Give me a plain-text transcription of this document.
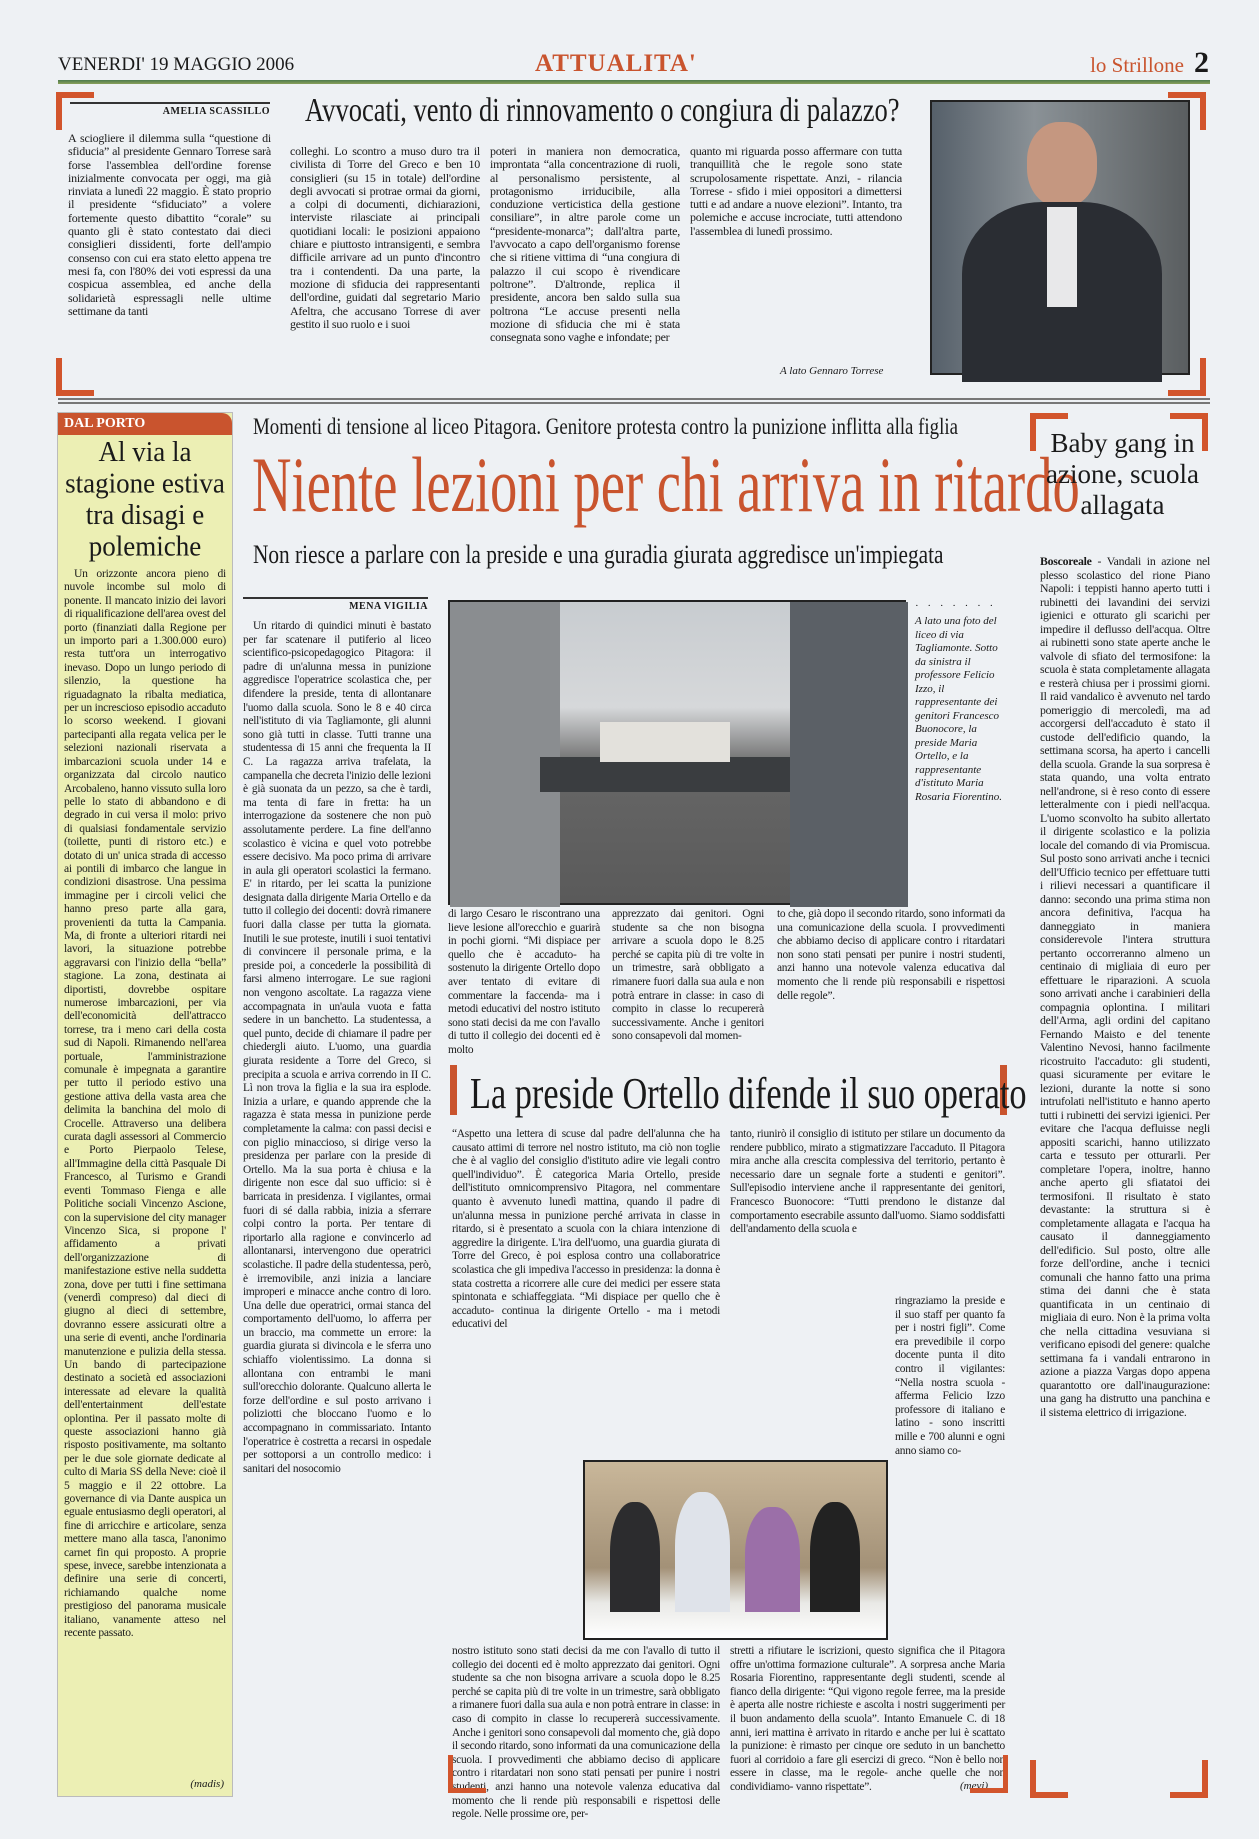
VENERDI' 19 MAGGIO 2006	ATTUALITA'	lo Strillone 2
AMELIA SCASSILLO Avvocati, vento di rinnovamento o congiura di palazzo?
A sciogliere il dilemma sulla “questione di sfiducia” al presidente Gennaro Torrese sarà forse l'assemblea dell'ordine forense inizialmente convocata per oggi, ma già rinviata a lunedì 22 maggio. È stato proprio il presidente “sfiduciato” a volere fortemente questo dibattito “corale” su quanto gli è stato contestato dai dieci consiglieri dissidenti, forte dell'ampio consenso con cui era stato eletto appena tre mesi fa, con l'80% dei voti espressi da una cospicua assemblea, ed anche della solidarietà espressagli nelle ultime settimane da tanti
colleghi. Lo scontro a muso duro tra il civilista di Torre del Greco e ben 10 consiglieri (su 15 in totale) dell'ordine degli avvocati si protrae ormai da giorni, a colpi di documenti, dichiarazioni, interviste rilasciate ai principali quotidiani locali: le posizioni appaiono chiare e piuttosto intransigenti, e sembra difficile arrivare ad un punto d'incontro tra i contendenti. Da una parte, la mozione di sfiducia dei rappresentanti dell'ordine, guidati dal segretario Mario Afeltra, che accusano Torrese di aver gestito il suo ruolo e i suoi
poteri in maniera non democratica, improntata “alla concentrazione di ruoli, al personalismo persistente, al protagonismo irriducibile, alla conduzione verticistica della gestione consiliare”, in altre parole come un “presidente-monarca”; dall'altra parte, l'avvocato a capo dell'organismo forense che si ritiene vittima di “una congiura di palazzo il cui scopo è rivendicare poltrone”. D'altronde, replica il presidente, ancora ben saldo sulla sua poltrona “Le accuse presenti nella mozione di sfiducia che mi è stata consegnata sono vaghe e infondate; per
quanto mi riguarda posso affermare con tutta tranquillità che le regole sono state scrupolosamente rispettate. Anzi, - rilancia Torrese - sfido i miei oppositori a dimettersi tutti e ad andare a nuove elezioni”. Intanto, tra polemiche e accuse incrociate, tutti attendono l'assemblea di lunedì prossimo.
A lato Gennaro Torrese
DAL PORTO
Al via la stagione estiva tra disagi e polemiche
Un orizzonte ancora pieno di nuvole incombe sul molo di ponente. Il mancato inizio dei lavori di riqualificazione dell'area ovest del porto (finanziati dalla Regione per un importo pari a 1.300.000 euro) resta tutt'ora un interrogativo inevaso. Dopo un lungo periodo di silenzio, la questione ha riguadagnato la ribalta mediatica, per un increscioso episodio accaduto lo scorso weekend. I giovani partecipanti alla regata velica per le selezioni nazionali riservata a imbarcazioni scuola under 14 e organizzata dal circolo nautico Arcobaleno, hanno vissuto sulla loro pelle lo stato di abbandono e di degrado in cui versa il molo: privo di qualsiasi fondamentale servizio (toilette, punti di ristoro etc.) e dotato di un' unica strada di accesso ai pontili di imbarco che langue in condizioni disastrose. Una pessima immagine per i circoli velici che hanno preso parte alla gara, provenienti da tutta la Campania. Ma, di fronte a ulteriori ritardi nei lavori, la situazione potrebbe aggravarsi con l'inizio della “bella” stagione. La zona, destinata ai diportisti, dovrebbe ospitare numerose imbarcazioni, per via dell'economicità dell'attracco torrese, tra i meno cari della costa sud di Napoli. Rimanendo nell'area portuale, l'amministrazione comunale è impegnata a garantire per tutto il periodo estivo una gestione attiva della vasta area che delimita la banchina del molo di Crocelle. Attraverso una delibera curata dagli assessori al Commercio e Porto Pierpaolo Telese, all'Immagine della città Pasquale Di Francesco, al Turismo e Grandi eventi Tommaso Fienga e alle Politiche sociali Vincenzo Ascione, con la supervisione del city manager Vincenzo Sica, si propone l' affidamento a privati dell'organizzazione di manifestazione estive nella suddetta zona, dove per tutti i fine settimana (venerdì compreso) dal dieci di giugno al dieci di settembre, dovranno essere assicurati oltre a una serie di eventi, anche l'ordinaria manutenzione e pulizia della stessa. Un bando di partecipazione destinato a società ed associazioni interessate ad elevare la qualità dell'entertainment dell'estate oplontina. Per il passato molte di queste associazioni hanno già risposto positivamente, ma soltanto per le due sole giornate dedicate al culto di Maria SS della Neve: cioè il 5 maggio e il 22 ottobre. La governance di via Dante auspica un eguale entusiasmo degli operatori, al fine di arricchire e articolare, senza mettere mano alla tasca, l'anonimo carnet fin qui proposto. A proprie spese, invece, sarebbe intenzionata a definire una serie di concerti, richiamando qualche nome prestigioso del panorama musicale italiano, vanamente atteso nel recente passato.
(madis)
Momenti di tensione al liceo Pitagora. Genitore protesta contro la punizione inflitta alla figlia
Niente lezioni per chi arriva in ritardo
Non riesce a parlare con la preside e una guradia giurata aggredisce un'impiegata
MENA VIGILIA
Un ritardo di quindici minuti è bastato per far scatenare il putiferio al liceo scientifico-psicopedagogico Pitagora: il padre di un'alunna messa in punizione aggredisce l'operatrice scolastica che, per difendere la preside, tenta di allontanare l'uomo dalla scuola. Sono le 8 e 40 circa nell'istituto di via Tagliamonte, gli alunni sono già tutti in classe. Tutti tranne una studentessa di 15 anni che frequenta la II C. La ragazza arriva trafelata, la campanella che decreta l'inizio delle lezioni è già suonata da un pezzo, sa che è tardi, ma tenta di fare in fretta: ha un interrogazione da sostenere che non può assolutamente perdere. La fine dell'anno scolastico è vicina e quel voto potrebbe essere decisivo. Ma poco prima di arrivare in aula gli operatori scolastici la fermano. E' in ritardo, per lei scatta la punizione designata dalla dirigente Maria Ortello e da tutto il collegio dei docenti: dovrà rimanere fuori dalla classe per tutta la giornata. Inutili le sue proteste, inutili i suoi tentativi di convincere il personale prima, e la preside poi, a concederle la possibilità di farsi almeno interrogare. Le sue ragioni non vengono ascoltate. La ragazza viene accompagnata in un'aula vuota e fatta sedere in un banchetto. La studentessa, a quel punto, decide di chiamare il padre per chiedergli aiuto. L'uomo, una guardia giurata residente a Torre del Greco, si precipita a scuola e arriva correndo in II C. Lì non trova la figlia e la sua ira esplode. Inizia a urlare, e quando apprende che la ragazza è stata messa in punizione perde completamente la calma: con passi decisi e con piglio minaccioso, si dirige verso la presidenza per parlare con la preside di Ortello. Ma la sua porta è chiusa e la dirigente non esce dal suo ufficio: si è barricata in presidenza. I vigilantes, ormai fuori di sé dalla rabbia, inizia a sferrare colpi contro la porta. Per tentare di riportarlo alla ragione e convincerlo ad allontanarsi, intervengono due operatrici scolastiche. Il padre della studentessa, però, è irremovibile, anzi inizia a lanciare improperi e minacce anche contro di loro. Una delle due operatrici, ormai stanca del comportamento dell'uomo, lo afferra per un braccio, ma commette un errore: la guardia giurata si divincola e le sferra uno schiaffo violentissimo. La donna si allontana con entrambi le mani sull'orecchio dolorante. Qualcuno allerta le forze dell'ordine e sul posto arrivano i poliziotti che bloccano l'uomo e lo accompagnano in commissariato. Intanto l'operatrice è costretta a recarsi in ospedale per sottoporsi a un controllo medico: i sanitari del nosocomio
· · · · · · ·
A lato una foto del liceo di via Tagliamonte. Sotto da sinistra il professore Felicio Izzo, il rappresentante dei genitori Francesco Buonocore, la preside Maria Ortello, e la rappresentante d'istituto Maria Rosaria Fiorentino.
di largo Cesaro le riscontrano una lieve lesione all'orecchio e guarirà in pochi giorni. “Mi dispiace per quello che è accaduto- ha sostenuto la dirigente Ortello dopo aver tentato di evitare di commentare la faccenda- ma i metodi educativi del nostro istituto sono stati decisi da me con l'avallo di tutto il collegio dei docenti ed è molto
apprezzato dai genitori. Ogni studente sa che non bisogna arrivare a scuola dopo le 8.25 perché se capita più di tre volte in un trimestre, sarà obbligato a rimanere fuori dalla sua aula e non potrà entrare in classe: in caso di compito in classe lo recupererà successivamente. Anche i genitori sono consapevoli dal momen-
to che, già dopo il secondo ritardo, sono informati da una comunicazione della scuola. I provvedimenti che abbiamo deciso di applicare contro i ritardatari non sono stati pensati per punire i nostri studenti, anzi hanno una notevole valenza educativa dal momento che li rende più responsabili e rispettosi delle regole”.
La preside Ortello difende il suo operato
“Aspetto una lettera di scuse dal padre dell'alunna che ha causato attimi di terrore nel nostro istituto, ma ciò non toglie che è al vaglio del consiglio d'istituto adire vie legali contro quell'individuo”. È categorica Maria Ortello, preside dell'istituto omnicomprensivo Pitagora, nel commentare quanto è avvenuto lunedì mattina, quando il padre di un'alunna messa in punizione perché arrivata in classe in ritardo, si è presentato a scuola con la chiara intenzione di aggredire la dirigente. L'ira dell'uomo, una guardia giurata di Torre del Greco, è poi esplosa contro una collaboratrice scolastica che gli impediva l'accesso in presidenza: la donna è stata costretta a ricorrere alle cure dei medici per essere stata spintonata e schiaffeggiata. “Mi dispiace per quello che è accaduto- continua la dirigente Ortello - ma i metodi educativi del
nostro istituto sono stati decisi da me con l'avallo di tutto il collegio dei docenti ed è molto apprezzato dai genitori. Ogni studente sa che non bisogna arrivare a scuola dopo le 8.25 perché se capita più di tre volte in un trimestre, sarà obbligato a rimanere fuori dalla sua aula e non potrà entrare in classe: in caso di compito in classe lo recupererà successivamente. Anche i genitori sono consapevoli dal momento che, già dopo il secondo ritardo, sono informati da una comunicazione della scuola. I provvedimenti che abbiamo deciso di applicare contro i ritardatari non sono stati pensati per punire i nostri studenti, anzi hanno una notevole valenza educativa dal momento che li rende più responsabili e rispettosi delle regole. Nelle prossime ore, per-
tanto, riunirò il consiglio di istituto per stilare un documento da rendere pubblico, mirato a stigmatizzare l'accaduto. Il Pitagora mira anche alla crescita complessiva del territorio, pertanto è necessario dare un segnale forte a studenti e genitori”. Sull'episodio interviene anche il rappresentante dei genitori, Francesco Buonocore: “Tutti prendono le distanze dal comportamento esecrabile assunto dall'uomo. Siamo soddisfatti dell'andamento della scuola e
ringraziamo la preside e il suo staff per quanto fa per i nostri figli”. Come era prevedibile il corpo docente punta il dito contro il vigilantes: “Nella nostra scuola - afferma Felicio Izzo professore di italiano e latino - sono inscritti mille e 700 alunni e ogni anno siamo co-
stretti a rifiutare le iscrizioni, questo significa che il Pitagora offre un'ottima formazione culturale”. A sorpresa anche Maria Rosaria Fiorentino, rappresentante degli studenti, scende al fianco della dirigente: “Qui vigono regole ferree, ma la preside è aperta alle nostre richieste e ascolta i nostri suggerimenti per il buon andamento della scuola”. Intanto Emanuele C. di 18 anni, ieri mattina è arrivato in ritardo e anche per lui è scattato la punizione: è rimasto per cinque ore seduto in un banchetto fuori al corridoio a fare gli esercizi di greco. “Non è bello non essere in classe, ma le regole- anche quelle che non condividiamo- vanno rispettate”.	(mevi)
Baby gang in azione, scuola allagata
Boscoreale - Vandali in azione nel plesso scolastico del rione Piano Napoli: i teppisti hanno aperto tutti i rubinetti dei lavandini dei servizi igienici e otturato gli scarichi per impedire il deflusso dell'acqua. Oltre ai rubinetti sono state aperte anche le valvole di sfiato del termosifone: la scuola è stata completamente allagata e resterà chiusa per i prossimi giorni. Il raid vandalico è avvenuto nel tardo pomeriggio di mercoledì, ma ad accorgersi dell'accaduto è stato il custode dell'edificio quando, la settimana scorsa, ha aperto i cancelli della scuola. Grande la sua sorpresa è stata quando, una volta entrato nell'androne, si è reso conto di essere letteralmente con i piedi nell'acqua. L'uomo sconvolto ha subito allertato il dirigente scolastico e la polizia locale del comando di via Promiscua. Sul posto sono arrivati anche i tecnici dell'Ufficio tecnico per effettuare tutti i rilievi necessari a quantificare il danno: secondo una prima stima non ancora definitiva, l'acqua ha danneggiato in maniera considerevole l'intera struttura pertanto occorreranno almeno un centinaio di migliaia di euro per effettuare le riparazioni. A scuola sono arrivati anche i carabinieri della compagnia oplontina. I militari dell'Arma, agli ordini del capitano Fernando Maisto e del tenente Valentino Nevosi, hanno facilmente ricostruito l'accaduto: gli studenti, quasi sicuramente per evitare le lezioni, durante la notte si sono intrufolati nell'istituto e hanno aperto tutti i rubinetti dei servizi igienici. Per evitare che l'acqua defluisse negli appositi scarichi, hanno utilizzato carta e tessuto per otturarli. Per completare l'opera, inoltre, hanno anche aperto gli sfiatatoi dei termosifoni. Il risultato è stato devastante: la struttura si è completamente allagata e l'acqua ha causato il danneggiamento dell'edificio. Sul posto, oltre alle forze dell'ordine, anche i tecnici comunali che hanno fatto una prima stima dei danni che è stata quantificata in un centinaio di migliaia di euro. Non è la prima volta che nella cittadina vesuviana si verificano episodi del genere: qualche settimana fa i vandali entrarono in azione a piazza Vargas dopo appena quarantotto ore dall'inaugurazione: una gang ha distrutto una panchina e il sistema elettrico di irrigazione.
